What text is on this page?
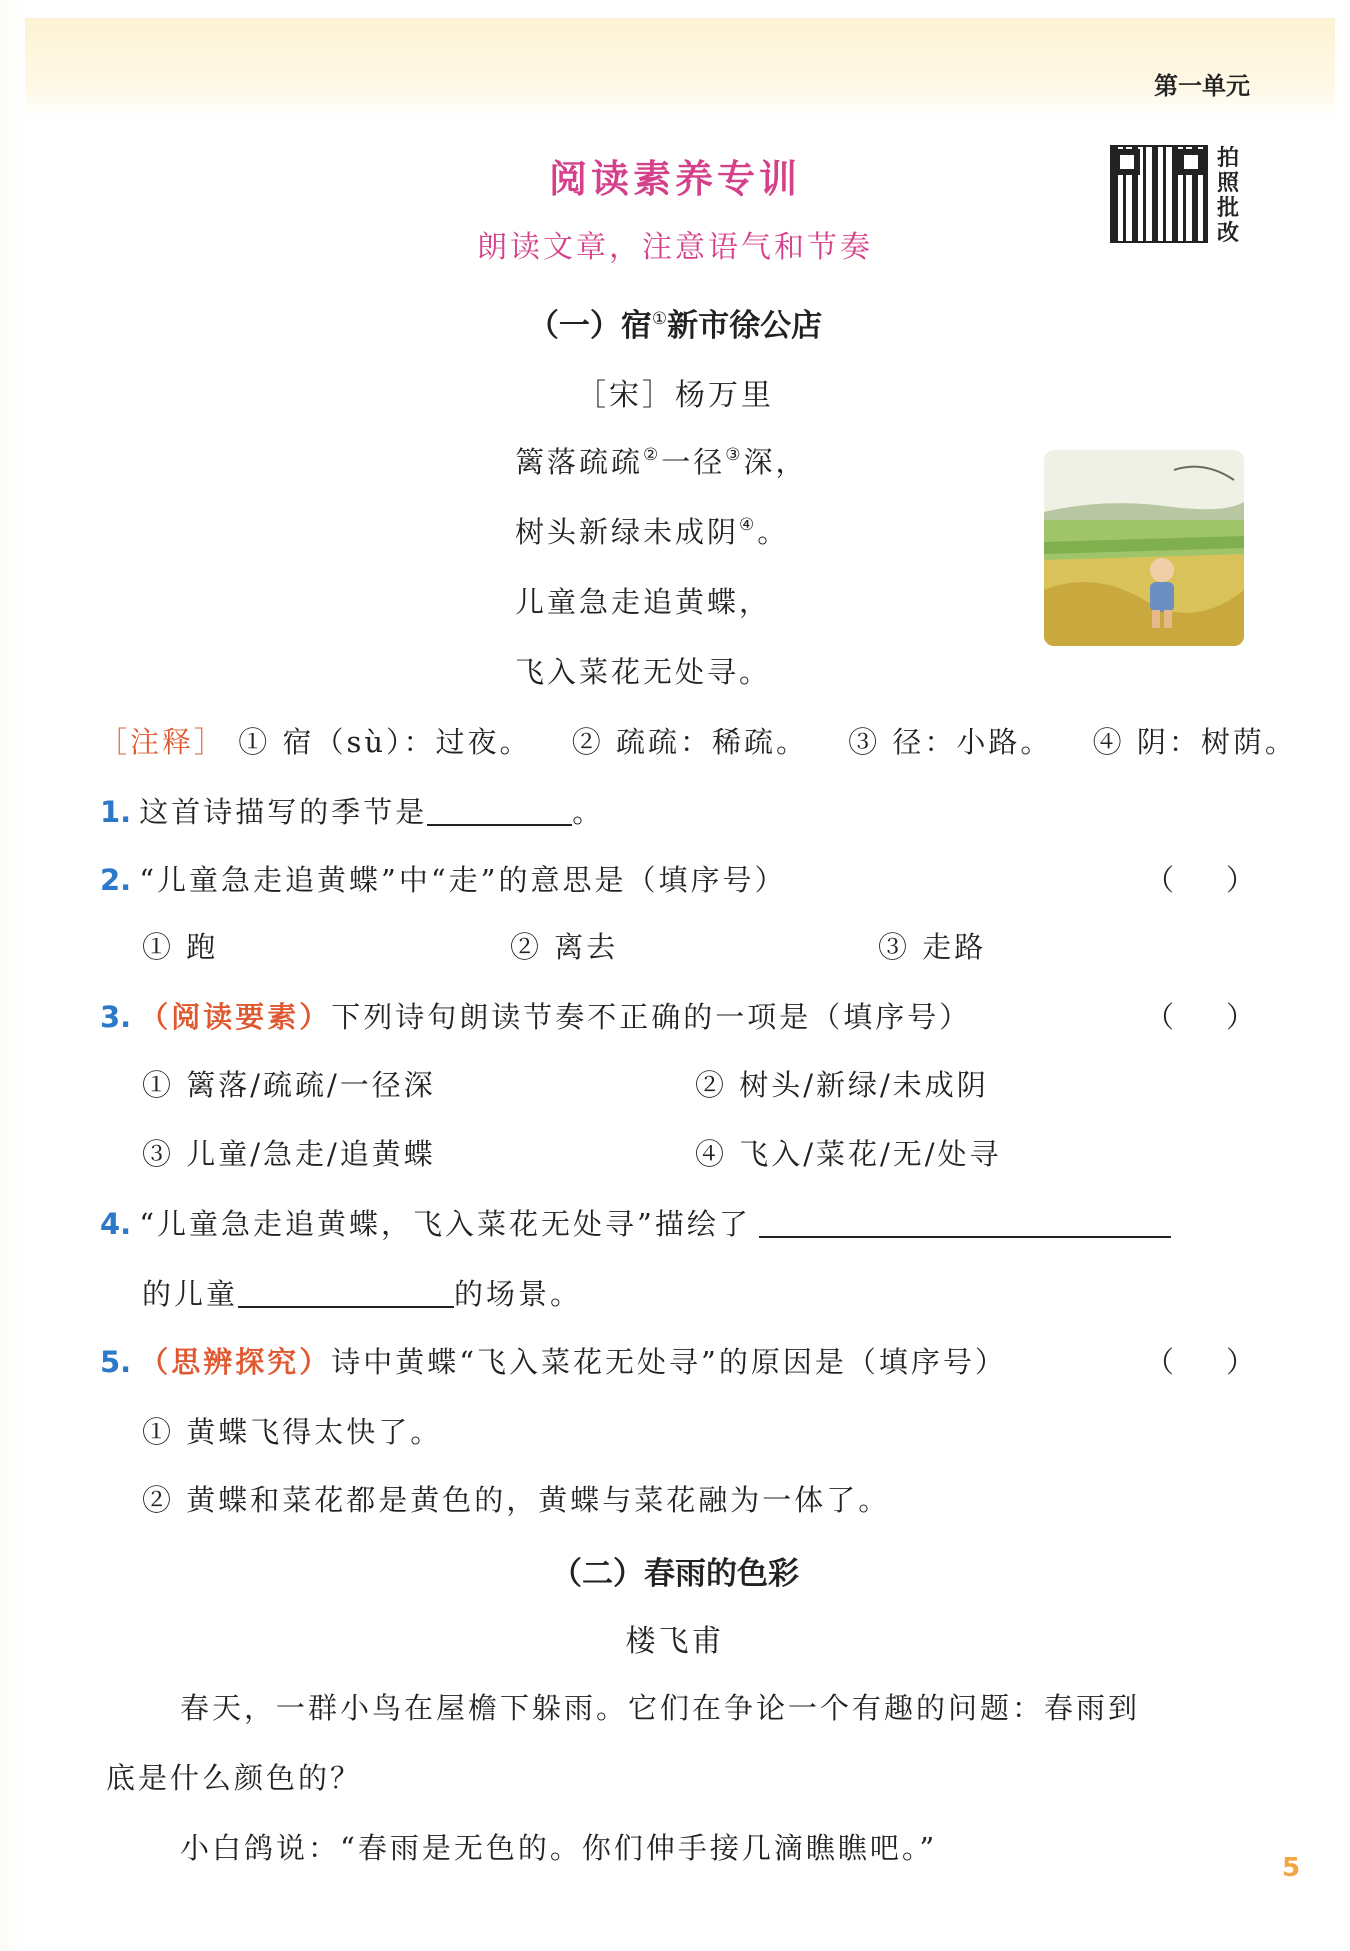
第一单元
阅读素养专训
朗读文章，注意语气和节奏
拍照批改
（一）宿①新市徐公店
［宋］杨万里
篱落疏疏②一径③深，
树头新绿未成阴④。
儿童急走追黄蝶，
飞入菜花无处寻。
［注释］ ① 宿（sù）：过夜。 ② 疏疏：稀疏。 ③ 径：小路。 ④ 阴：树荫。
1. 这首诗描写的季节是	。
2. “儿童急走追黄蝶”中“走”的意思是（填序号）	（）
① 跑	② 离去	③ 走路
3. （阅读要素）下列诗句朗读节奏不正确的一项是（填序号）	（）
① 篱落/疏疏/一径深	② 树头/新绿/未成阴
③ 儿童/急走/追黄蝶	④ 飞入/菜花/无/处寻
4. “儿童急走追黄蝶，飞入菜花无处寻”描绘了
的儿童	的场景。
5. （思辨探究）诗中黄蝶“飞入菜花无处寻”的原因是（填序号）	（）
① 黄蝶飞得太快了。
② 黄蝶和菜花都是黄色的，黄蝶与菜花融为一体了。
（二）春雨的色彩
楼飞甫
春天，一群小鸟在屋檐下躲雨。它们在争论一个有趣的问题：春雨到
底是什么颜色的？
小白鸽说：“春雨是无色的。你们伸手接几滴瞧瞧吧。”
5
